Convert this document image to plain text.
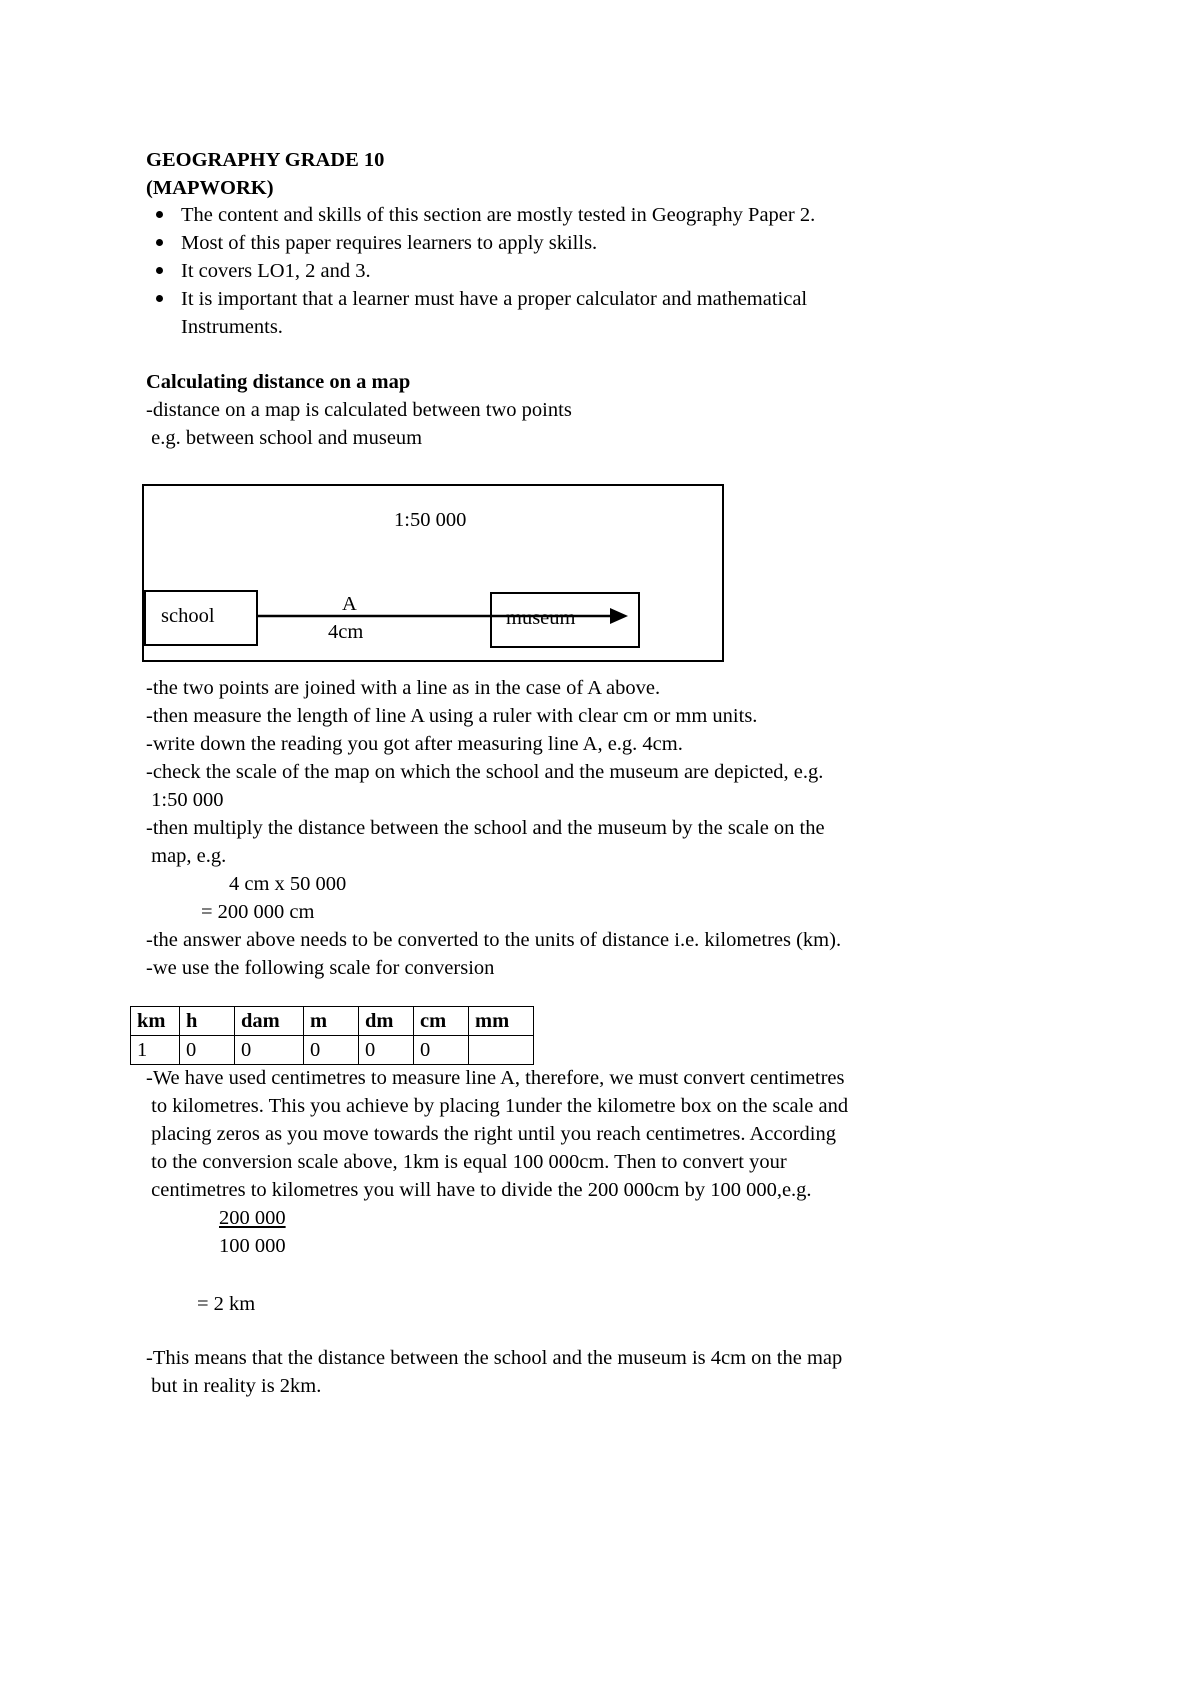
GEOGRAPHY GRADE 10
(MAPWORK)
The content and skills of this section are mostly tested in Geography Paper 2.
Most of this paper requires learners to apply skills.
It covers LO1, 2 and 3.
It is important that a learner must have a proper calculator and mathematical
Instruments.
Calculating distance on a map
-distance on a map is calculated between two points
e.g. between school and museum
1:50 000
school
A
4cm
museum
-the two points are joined with a line as in the case of A above.
-then measure the length of line A using a ruler with clear cm or mm units.
-write down the reading you got after measuring line A, e.g. 4cm.
-check the scale of the map on which the school and the museum are depicted, e.g.
1:50 000
-then multiply the distance between the school and the museum by the scale on the
map, e.g.
4 cm x 50 000
= 200 000 cm
-the answer above needs to be converted to the units of distance i.e. kilometres (km).
-we use the following scale for conversion
km	h	dam	m	dm	cm	mm
1	0	0	0	0	0	
-We have used centimetres to measure line A, therefore, we must convert centimetres
to kilometres. This you achieve by placing 1under the kilometre box on the scale and
placing zeros as you move towards the right until you reach centimetres. According
to the conversion scale above, 1km is equal 100 000cm. Then to convert your
centimetres to kilometres you will have to divide the 200 000cm by 100 000,e.g.
200 000
100 000
= 2 km
-This means that the distance between the school and the museum is 4cm on the map
but in reality is 2km.
